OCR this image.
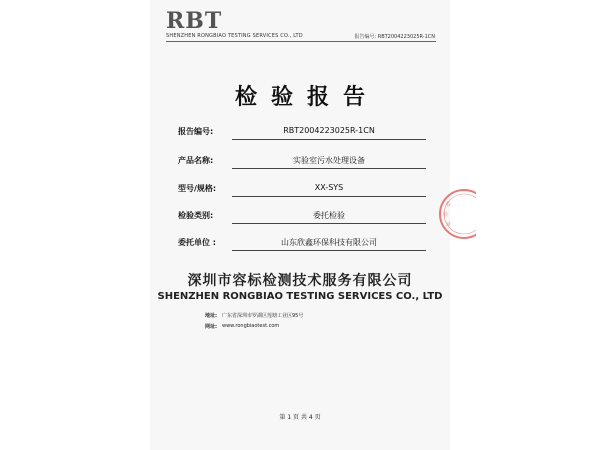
RBT
SHENZHEN RONGBIAO TESTING SERVICES CO., LTD	报告编号: RBT2004223025R-1CN
检验报告
报告编号:	RBT2004223025R-1CN
产品名称:	实验室污水处理设备
型号/规格:	XX-SYS
检验类别:	委托检验
委托单位 :	山东欣鑫环保科技有限公司
深圳市容标检测技术服务有限公司
SHENZHEN RONGBIAO TESTING SERVICES CO., LTD
地址: 广东省深圳市罗湖区莲塘工业区95号
网址: www.rongbiaotest.com
第 1 页 共 4 页
检
验
章
